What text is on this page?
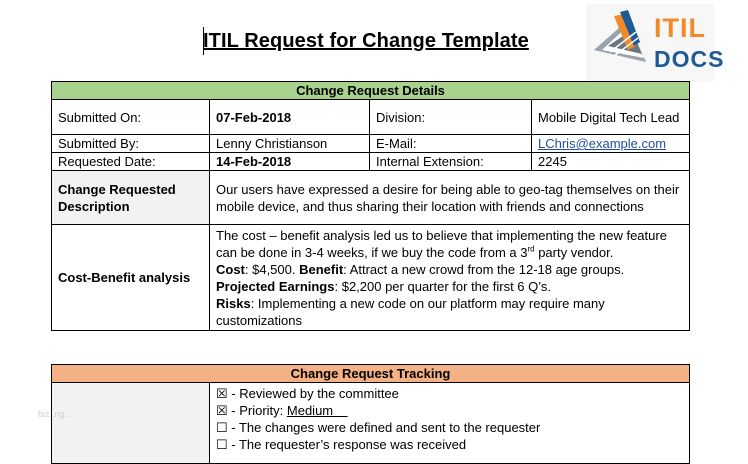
ITIL Request for Change Template	ITIL
DOCS
Change Request Details			
Submitted On:	07-Feb-2018	Division:	Mobile Digital Tech Lead
Submitted By:	Lenny Christianson	E-Mail:	LChris@example.com
Requested Date:	14-Feb-2018	Internal Extension:	2245
Change Requested Description	Our users have expressed a desire for being able to geo-tag themselves on their mobile device, and thus sharing their location with friends and connections		
Cost-Benefit analysis	The cost – benefit analysis led us to believe that implementing the new feature can be done in 3-4 weeks, if we buy the code from a 3rd party vendor.
Cost: $4,500. Benefit: Attract a new crowd from the 12-18 age groups.
Projected Earnings: $2,200 per quarter for the first 6 Q’s.
Risks: Implementing a new code on our platform may require many customizations		
Change Request Tracking

☒ - Reviewed by the committee
☒ - Priority: Medium
☐ - The changes were defined and sent to the requester
☐ - The requester’s response was received
biz..ng..
